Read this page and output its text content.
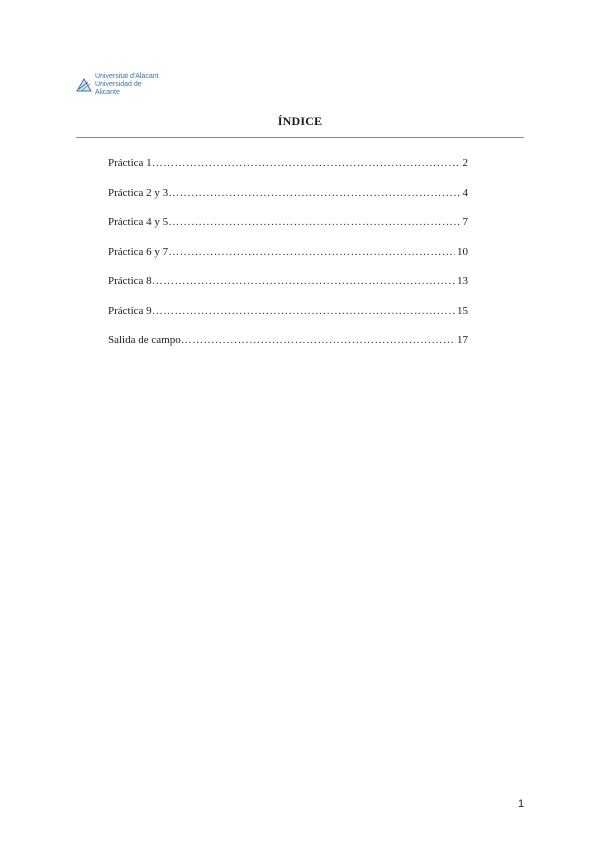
Universitat d'Alacant
Universidad de Alicante
ÍNDICE
Práctica 1 ……………………………………………………………………………………………………………………	2
Práctica 2 y 3 ……………………………………………………………………………………………………………………	4
Práctica 4 y 5 ……………………………………………………………………………………………………………………	7
Práctica 6 y 7 ……………………………………………………………………………………………………………………	10
Práctica 8 ……………………………………………………………………………………………………………………	13
Práctica 9 ……………………………………………………………………………………………………………………	15
Salida de campo ……………………………………………………………………………………………………………………	17
1
